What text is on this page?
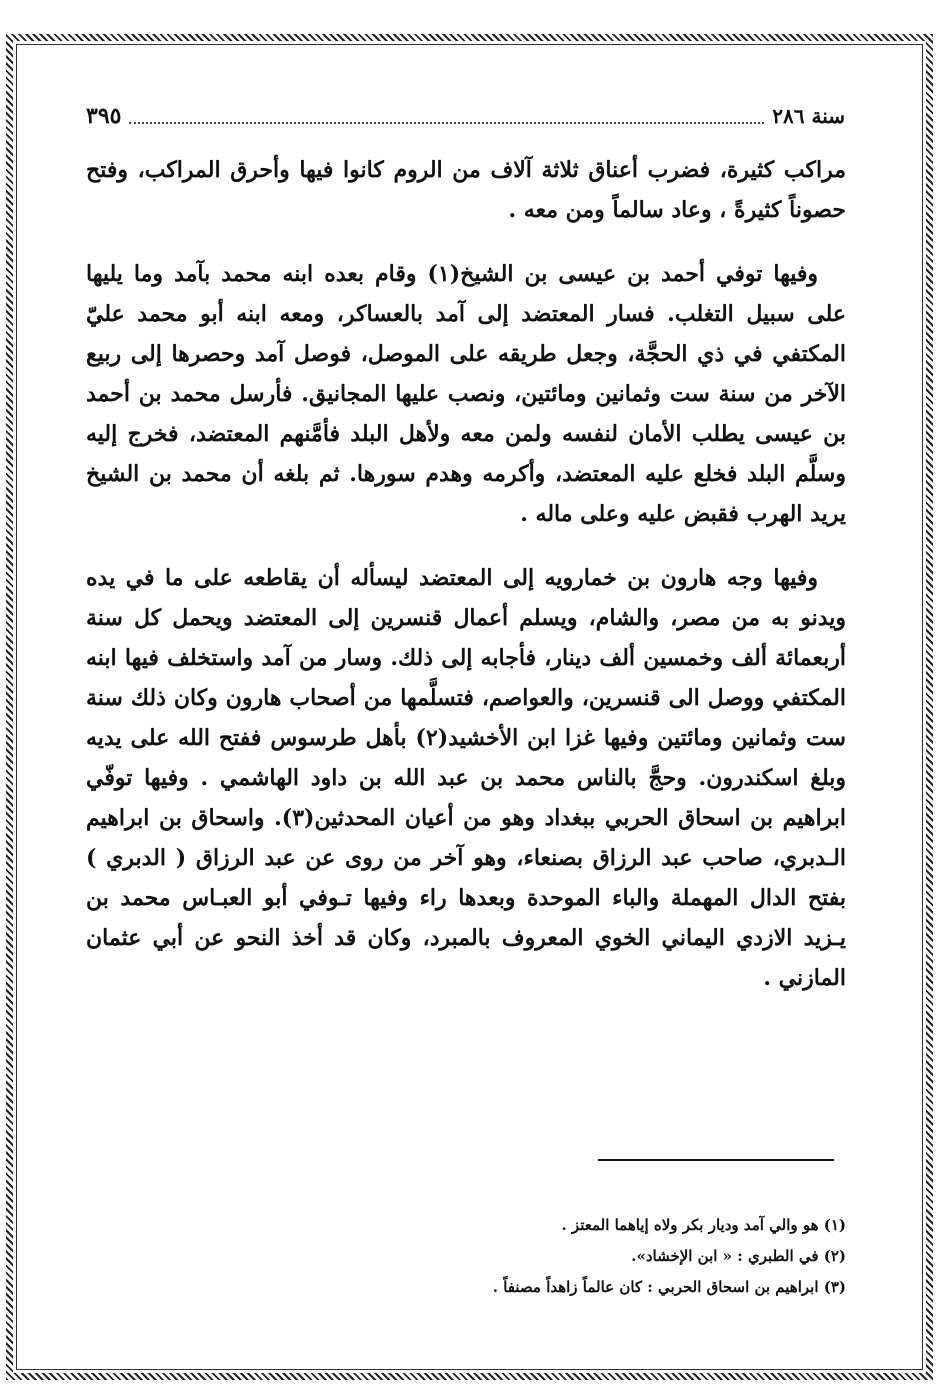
سنة ٢٨٦
٣٩٥

مراكب كثيرة، فضرب أعناق ثلاثة آلاف من الروم كانوا فيها وأحرق المراكب، وفتح حصوناً كثيرةً ، وعاد سالماً ومن معه .

وفيها توفي أحمد بن عيسى بن الشيخ(١) وقام بعده ابنه محمد بآمد وما يليها على سبيل التغلب. فسار المعتضد إلى آمد بالعساكر، ومعه ابنه أبو محمد عليّ المكتفي في ذي الحجَّة، وجعل طريقه على الموصل، فوصل آمد وحصرها إلى ربيع الآخر من سنة ست وثمانين ومائتين، ونصب عليها المجانيق. فأرسل محمد بن أحمد بن عيسى يطلب الأمان لنفسه ولمن معه ولأهل البلد فأمَّنهم المعتضد، فخرج إليه وسلَّم البلد فخلع عليه المعتضد، وأكرمه وهدم سورها. ثم بلغه أن محمد بن الشيخ يريد الهرب فقبض عليه وعلى ماله .

وفيها وجه هارون بن خمارويه إلى المعتضد ليسأله أن يقاطعه على ما في يده ويدنو به من مصر، والشام، ويسلم أعمال قنسرين إلى المعتضد ويحمل كل سنة أربعمائة ألف وخمسين ألف دينار، فأجابه إلى ذلك. وسار من آمد واستخلف فيها ابنه المكتفي ووصل الى قنسرين، والعواصم، فتسلَّمها من أصحاب هارون وكان ذلك سنة ست وثمانين ومائتين وفيها غزا ابن الأخشيد(٢) بأهل طرسوس ففتح الله على يديه وبلغ اسكندرون. وحجَّ بالناس محمد بن عبد الله بن داود الهاشمي . وفيها توفّي ابراهيم بن اسحاق الحربي ببغداد وهو من أعيان المحدثين(٣). واسحاق بن ابراهيم الـدبري، صاحب عبد الرزاق بصنعاء، وهو آخر من روى عن عبد الرزاق ( الدبري ) بفتح الدال المهملة والباء الموحدة وبعدها راء وفيها تـوفي أبو العبـاس محمد بن يـزيد الازدي اليماني الخوي المعروف بالمبرد، وكان قد أخذ النحو عن أبي عثمان المازني .

(١) هو والي آمد وديار بكر ولاه إياهما المعتز .
(٢) في الطبري : « ابن الإخشاد».
(٣) ابراهيم بن اسحاق الحربي : كان عالماً زاهداً مصنفاً .
